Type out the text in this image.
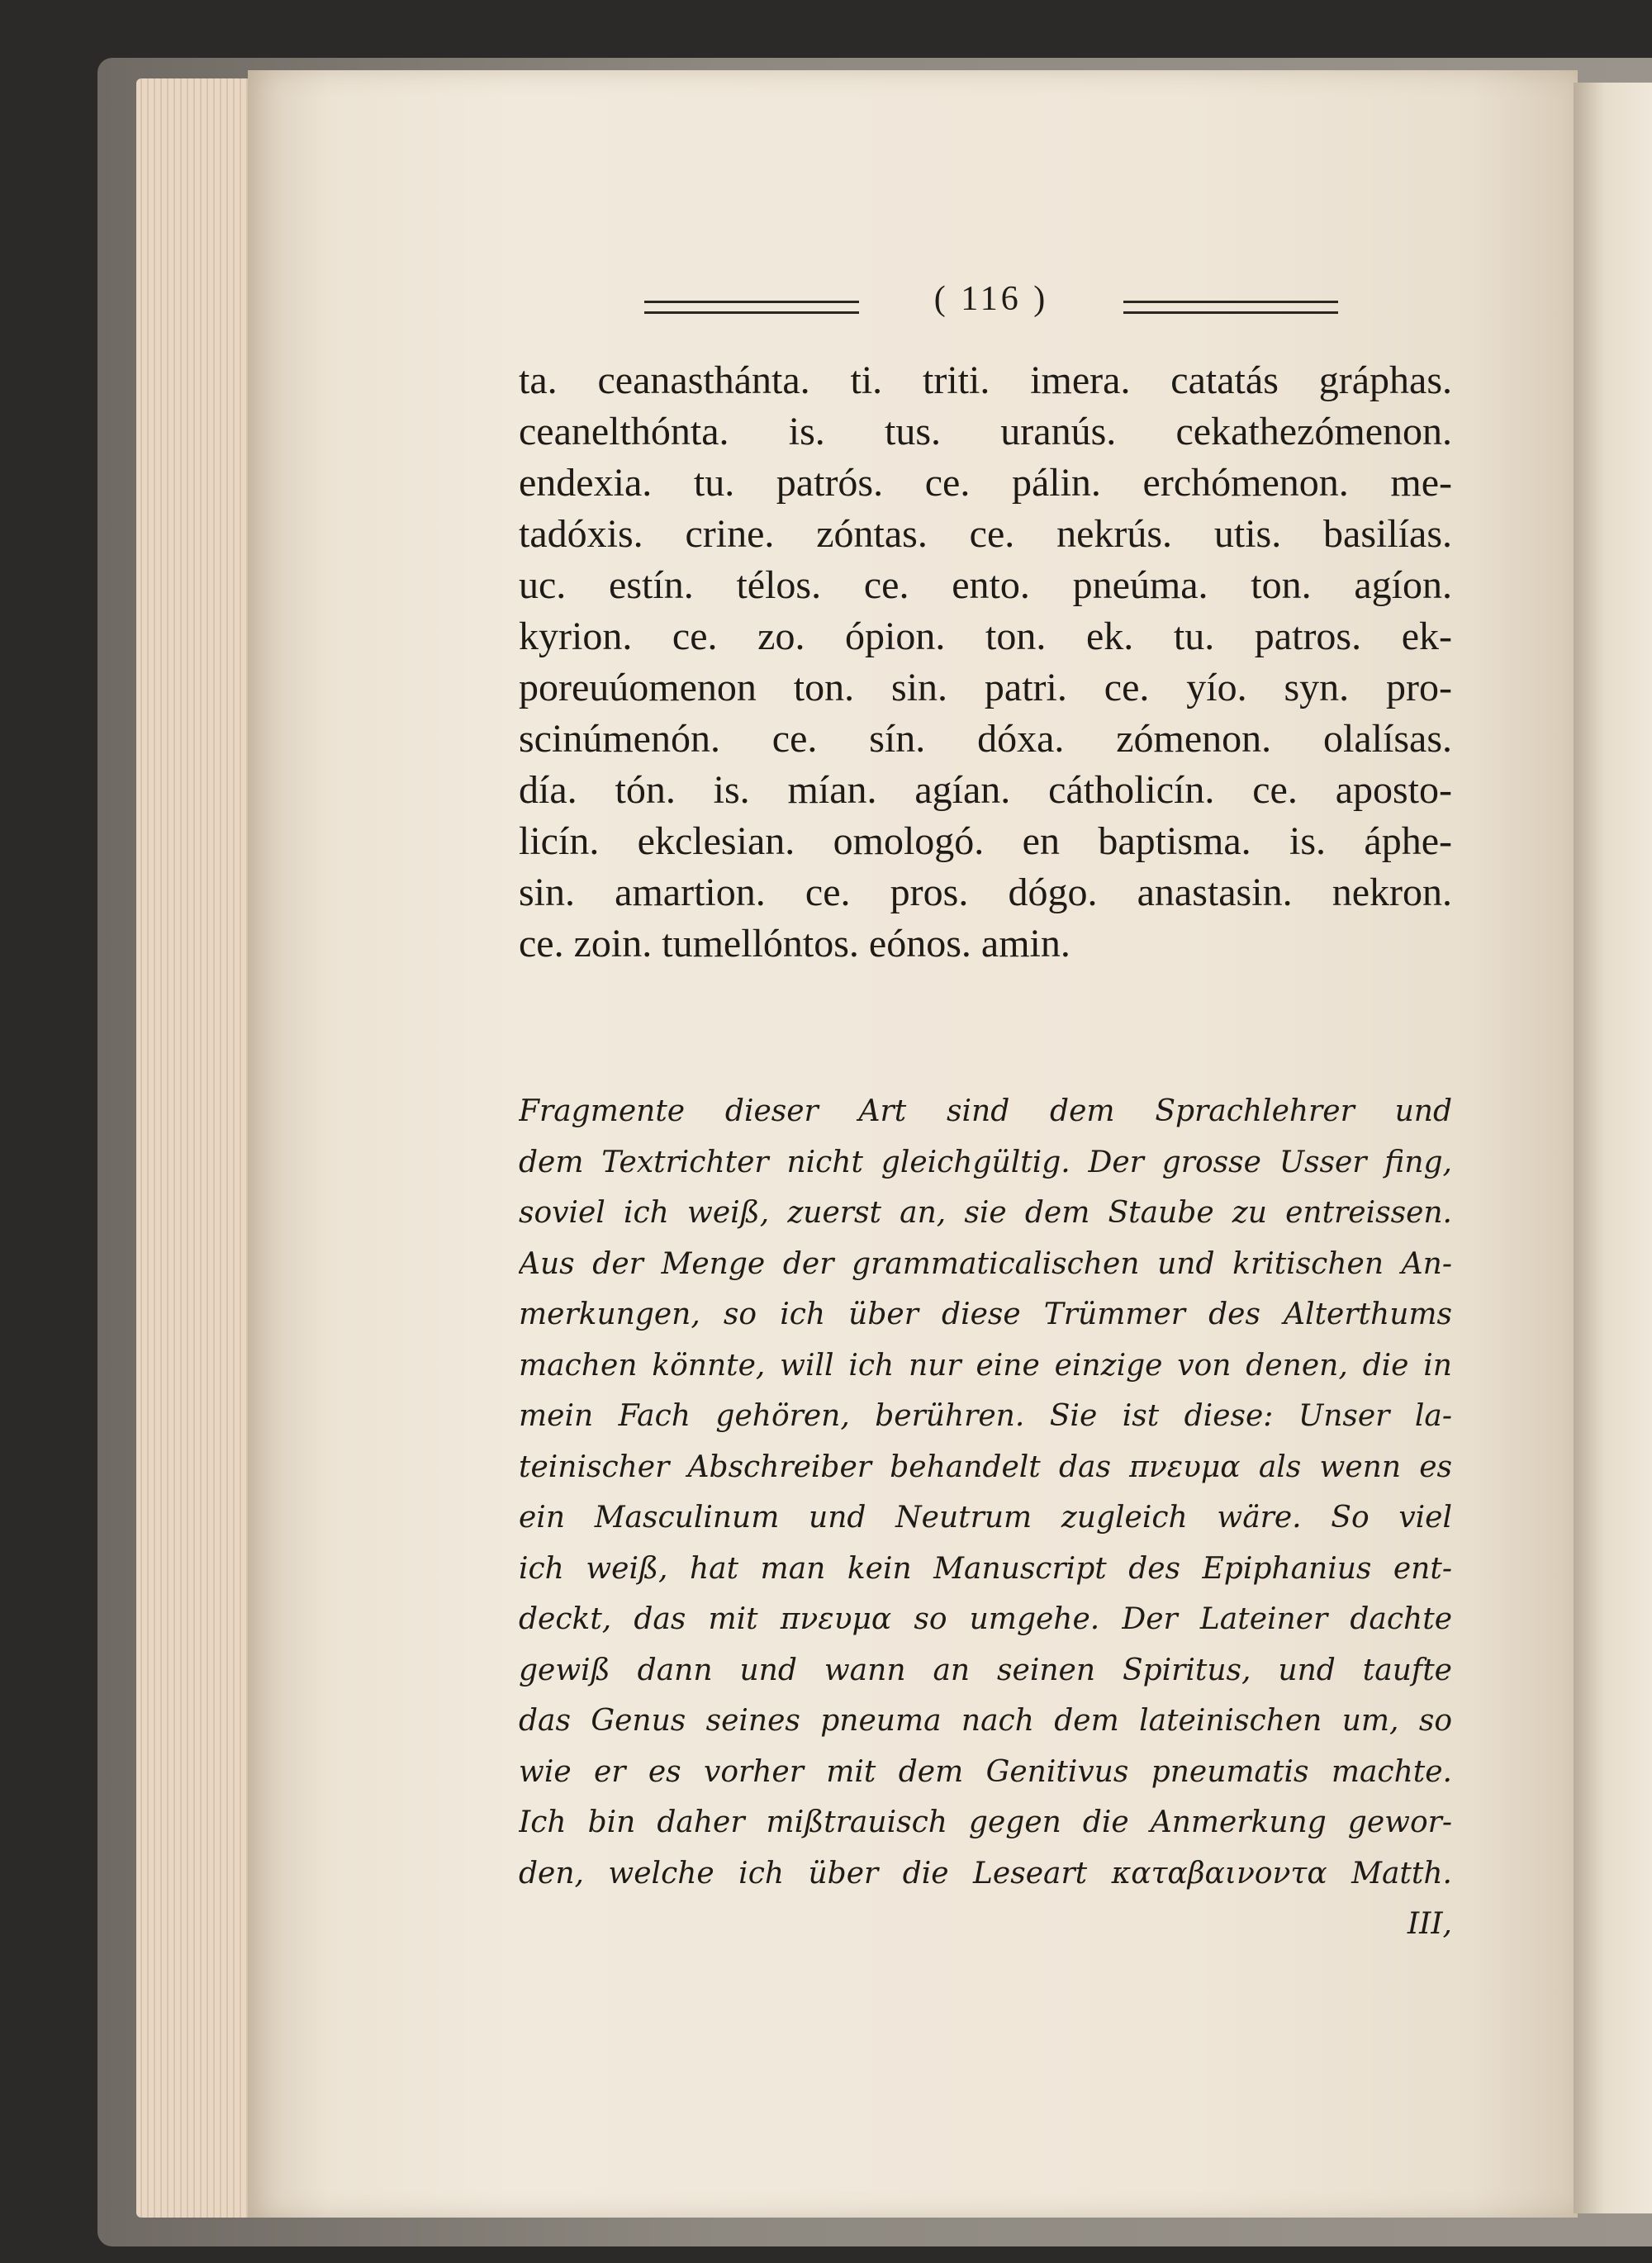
( 116 )
ta. ceanasthánta. ti. triti. imera. catatás gráphas.
ceanelthónta. is. tus. uranús. cekathezómenon.
endexia. tu. patrós. ce. pálin. erchómenon. me-
tadóxis. crine. zóntas. ce. nekrús. utis. basilías.
uc. estín. télos. ce. ento. pneúma. ton. agíon.
kyrion. ce. zo. ópion. ton. ek. tu. patros. ek-
poreuúomenon ton. sin. patri. ce. yío. syn. pro-
scinúmenón. ce. sín. dóxa. zómenon. olalísas.
día. tón. is. mían. agían. cátholicín. ce. aposto-
licín. ekclesian. omologó. en baptisma. is. áphe-
sin. amartion. ce. pros. dógo. anastasin. nekron.
ce. zoin. tumellóntos. eónos. amin.
Fragmente dieser Art sind dem Sprachlehrer und
dem Textrichter nicht gleichgültig. Der grosse Usser fing,
soviel ich weiß, zuerst an, sie dem Staube zu entreissen.
Aus der Menge der grammaticalischen und kritischen An-
merkungen, so ich über diese Trümmer des Alterthums
machen könnte, will ich nur eine einzige von denen, die in
mein Fach gehören, berühren. Sie ist diese: Unser la-
teinischer Abschreiber behandelt das πνευμα als wenn es
ein Masculinum und Neutrum zugleich wäre. So viel
ich weiß, hat man kein Manuscript des Epiphanius ent-
deckt, das mit πνευμα so umgehe. Der Lateiner dachte
gewiß dann und wann an seinen Spiritus, und taufte
das Genus seines pneuma nach dem lateinischen um, so
wie er es vorher mit dem Genitivus pneumatis machte.
Ich bin daher mißtrauisch gegen die Anmerkung gewor-
den, welche ich über die Leseart καταβαινοντα Matth.
III,
